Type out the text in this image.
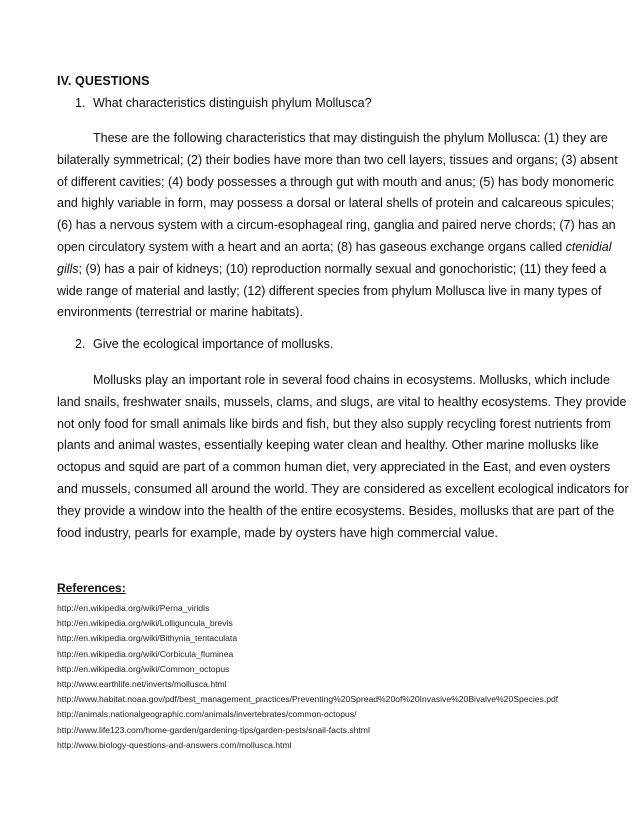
IV. QUESTIONS
1. What characteristics distinguish phylum Mollusca?
These are the following characteristics that may distinguish the phylum Mollusca: (1) they are
bilaterally symmetrical; (2) their bodies have more than two cell layers, tissues and organs; (3) absent
of different cavities; (4) body possesses a through gut with mouth and anus; (5) has body monomeric
and highly variable in form, may possess a dorsal or lateral shells of protein and calcareous spicules;
(6) has a nervous system with a circum-esophageal ring, ganglia and paired nerve chords; (7) has an
open circulatory system with a heart and an aorta; (8) has gaseous exchange organs called ctenidial
gills; (9) has a pair of kidneys; (10) reproduction normally sexual and gonochoristic; (11) they feed a
wide range of material and lastly; (12) different species from phylum Mollusca live in many types of
environments (terrestrial or marine habitats).
2. Give the ecological importance of mollusks.
Mollusks play an important role in several food chains in ecosystems. Mollusks, which include
land snails, freshwater snails, mussels, clams, and slugs, are vital to healthy ecosystems. They provide
not only food for small animals like birds and fish, but they also supply recycling forest nutrients from
plants and animal wastes, essentially keeping water clean and healthy. Other marine mollusks like
octopus and squid are part of a common human diet, very appreciated in the East, and even oysters
and mussels, consumed all around the world. They are considered as excellent ecological indicators for
they provide a window into the health of the entire ecosystems. Besides, mollusks that are part of the
food industry, pearls for example, made by oysters have high commercial value.
References:
http://en.wikipedia.org/wiki/Perna_viridis
http://en.wikipedia.org/wiki/Lolliguncula_brevis
http://en.wikipedia.org/wiki/Bithynia_tentaculata
http://en.wikipedia.org/wiki/Corbicula_fluminea
http://en.wikipedia.org/wiki/Common_octopus
http://www.earthlife.net/inverts/mollusca.html
http://www.habitat.noaa.gov/pdf/best_management_practices/Preventing%20Spread%20of%20Invasive%20Bivalve%20Species.pdf
http://animals.nationalgeographic.com/animals/invertebrates/common-octopus/
http://www.life123.com/home-garden/gardening-tips/garden-pests/snail-facts.shtml
http://www.biology-questions-and-answers.com/mollusca.html
